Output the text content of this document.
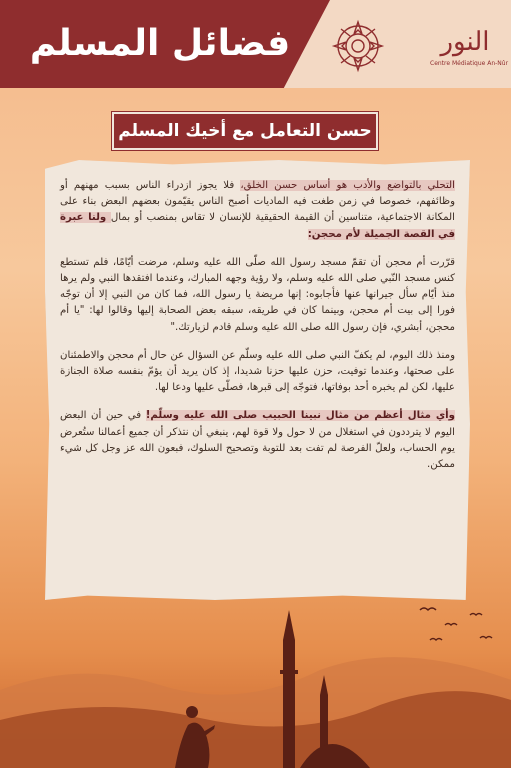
فضائل المسلم	النور
Centre Médiatique An-Nûr
حسن التعامل مع أخيك المسلم

التحلي بالتواضع والأدب هو أساس حسن الخلق، فلا يجوز ازدراء الناس بسبب مهنهم أو وظائفهم، خصوصا في زمن طغت فيه الماديات أصبح الناس يقيّمون بعضهم البعض بناء على المكانة الاجتماعية، متناسين أن القيمة الحقيقية للإنسان لا تقاس بمنصب أو بمال ولنا عبرة في القصة الجميلة لأم محجن:

قرّرت أم محجن أن تقمّ مسجد رسول الله صلّى الله عليه وسلم، مرضت أيّامًا، فلم تستطع كنس مسجد النّبي صلى الله عليه وسلم، ولا رؤية وجهه المبارك، وعندما افتقدها النبي ولم يرها منذ أيّام سأل جيرانها عنها فأجابوه: إنها مريضة يا رسول الله، فما كان من النبي إلا أن توجّه فورا إلى بيت أم محجن، وبينما كان في طريقه، سبقه بعض الصحابة إليها وقالوا لها: "يا أم محجن، أبشري، فإن رسول الله صلى الله عليه وسلم قادم لزيارتك."

ومنذ ذلك اليوم، لم يكفّ النبي صلى الله عليه وسلّم عن السؤال عن حال أم محجن والاطمئنان على صحتها، وعندما توفيت، حزن عليها حزنا شديدا، إذ كان يريد أن يؤمّ بنفسه صلاة الجنازة عليها، لكن لم يخبره أحد بوفاتها، فتوجّه إلى قبرها، فصلّى عليها ودعا لها.

وأي مثال أعظم من مثال نبينا الحبيب صلى الله عليه وسلّم! في حين أن البعض اليوم لا يترددون في استغلال من لا حول ولا قوة لهم، ينبغي أن نتذكر أن جميع أعمالنا ستُعرض يوم الحساب، ولعلّ الفرصة لم تفت بعد للتوبة وتصحيح السلوك، فبعون الله عز وجل كل شيء ممكن.
